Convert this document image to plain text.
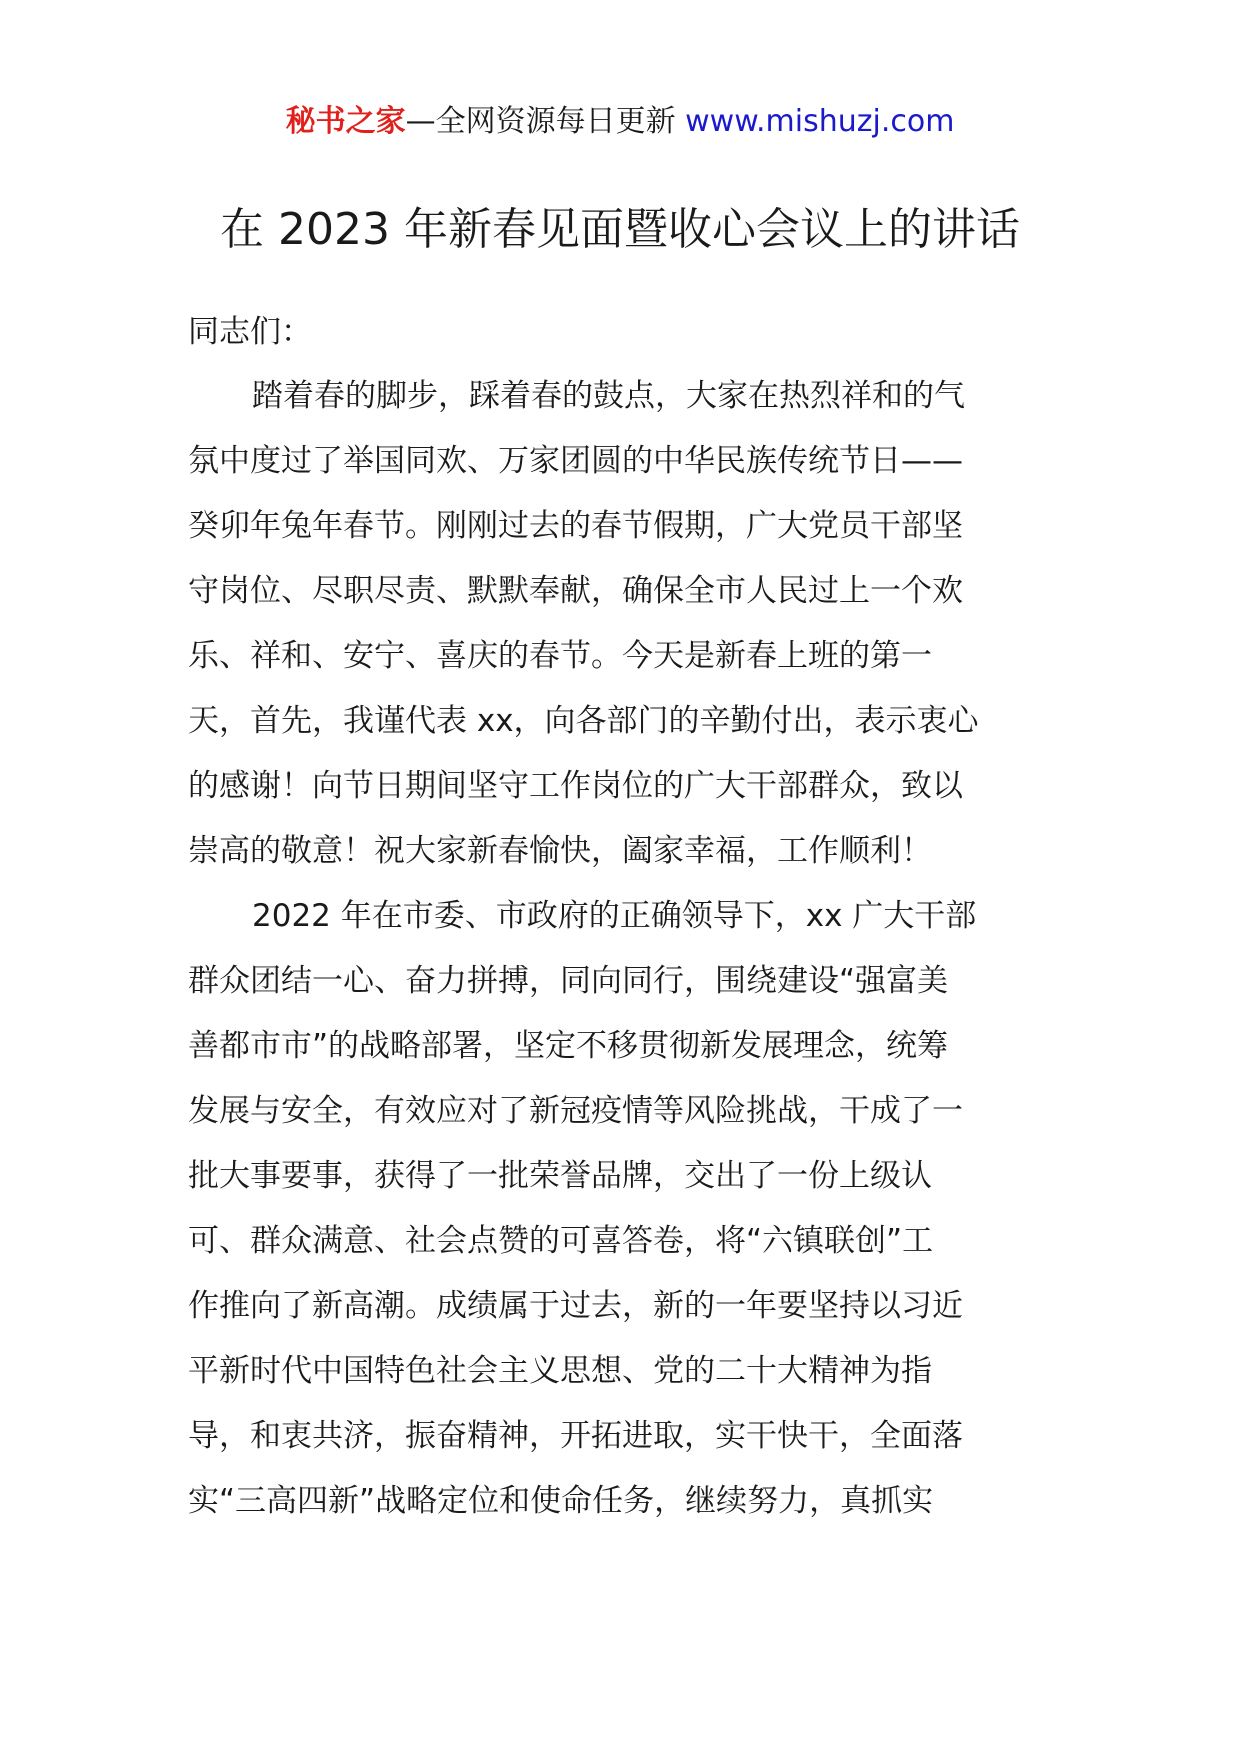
秘书之家—全网资源每日更新 www.mishuzj.com
在 2023 年新春见面暨收心会议上的讲话

同志们：

踏着春的脚步，踩着春的鼓点，大家在热烈祥和的气
氛中度过了举国同欢、万家团圆的中华民族传统节日——
癸卯年兔年春节。刚刚过去的春节假期，广大党员干部坚
守岗位、尽职尽责、默默奉献，确保全市人民过上一个欢
乐、祥和、安宁、喜庆的春节。今天是新春上班的第一
天，首先，我谨代表 xx，向各部门的辛勤付出，表示衷心
的感谢！向节日期间坚守工作岗位的广大干部群众，致以
崇高的敬意！祝大家新春愉快，阖家幸福，工作顺利！

2022 年在市委、市政府的正确领导下，xx 广大干部
群众团结一心、奋力拼搏，同向同行，围绕建设“强富美
善都市市”的战略部署，坚定不移贯彻新发展理念，统筹
发展与安全，有效应对了新冠疫情等风险挑战，干成了一
批大事要事，获得了一批荣誉品牌，交出了一份上级认
可、群众满意、社会点赞的可喜答卷，将“六镇联创”工
作推向了新高潮。成绩属于过去，新的一年要坚持以习近
平新时代中国特色社会主义思想、党的二十大精神为指
导，和衷共济，振奋精神，开拓进取，实干快干，全面落
实“三高四新”战略定位和使命任务，继续努力，真抓实
